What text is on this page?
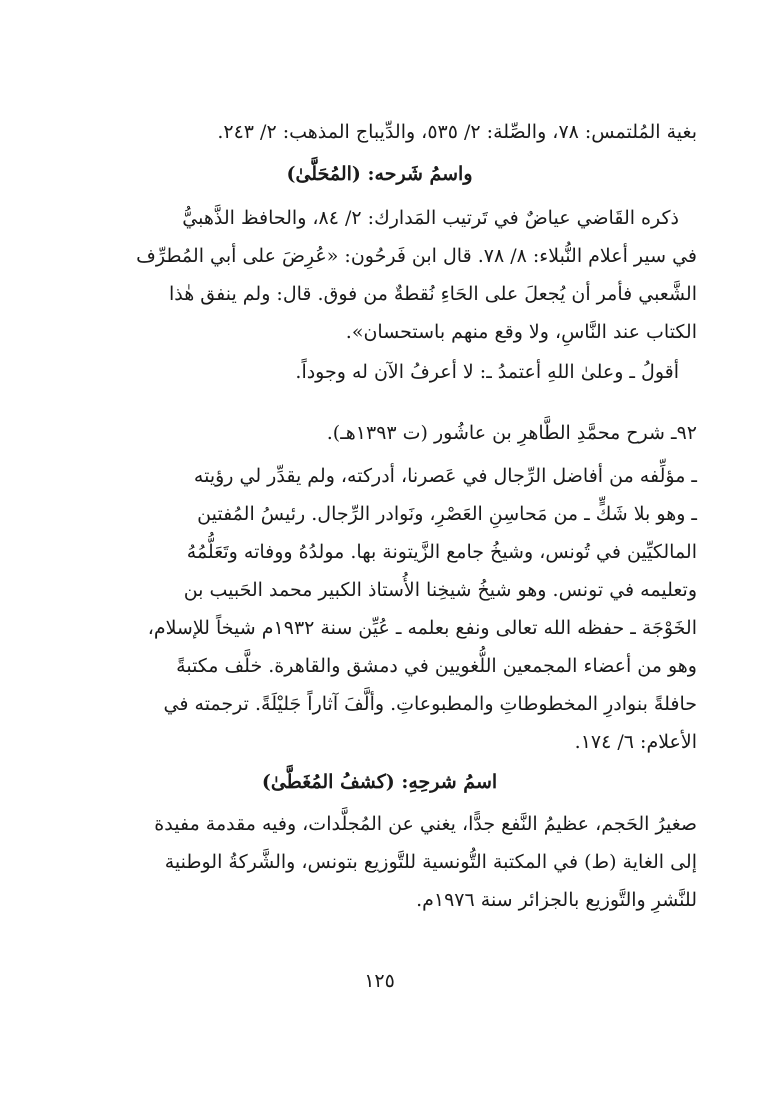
بغية المُلتمس: ٧٨، والصِّلة: ٢/ ٥٣٥، والدِّيباج المذهب: ٢/ ٢٤٣.
واسمُ شَرحه: (المُحَلَّىٰ)
ذكره القَاضي عياضٌ في تَرتيب المَدارك: ٢/ ٨٤، والحافظ الذَّهبيُّ
في سير أعلام النُّبلاء: ٨/ ٧٨. قال ابن فَرحُون: «عُرِضَ على أبي المُطرِّف
الشَّعبي فأمر أن يُجعلَ على الحَاءِ نُقطةٌ من فوق. قال: ولم ينفق هٰذا
الكتاب عند النَّاسِ، ولا وقع منهم باستحسان».
أقولُ ـ وعلىٰ اللهِ أعتمدُ ـ: لا أعرفُ الآن له وجوداً.
٩٢ـ شرح محمَّدِ الطَّاهرِ بن عاشُور (ت ١٣٩٣هـ).
ـ مؤلِّفه من أفاضل الرِّجال في عَصرنا، أدركته، ولم يقدِّر لي رؤيته
ـ وهو بلا شَكٍّ ـ من مَحاسِنِ العَصْرِ، ونَوادر الرِّجال. رئيسُ المُفتين
المالكيِّين في تُونس، وشيخُ جامع الزَّيتونة بها. مولدُهُ ووفاته وتَعَلُّمُهُ
وتعليمه في تونس. وهو شيخُ شيخِنا الأُستاذ الكبير محمد الحَبيب بن
الخَوْجَة ـ حفظه الله تعالى ونفع بعلمه ـ عُيِّن سنة ١٩٣٢م شيخاً للإسلام،
وهو من أعضاء المجمعين اللُّغويين في دمشق والقاهرة. خلَّف مكتبةً
حافلةً بنوادرِ المخطوطاتِ والمطبوعاتِ. وألَّفَ آثاراً جَليْلَةً. ترجمته في
الأعلام: ٦/ ١٧٤.
اسمُ شرحِهِ: (كشفُ المُغَطَّىٰ)
صغيرُ الحَجم، عظيمُ النَّفع جدًّا، يغني عن المُجلَّدات، وفيه مقدمة مفيدة
إلى الغاية (ط) في المكتبة التُّونسية للتَّوزيع بتونس، والشَّركةُ الوطنية
للنَّشرِ والتَّوزيع بالجزائر سنة ١٩٧٦م.
١٢٥
